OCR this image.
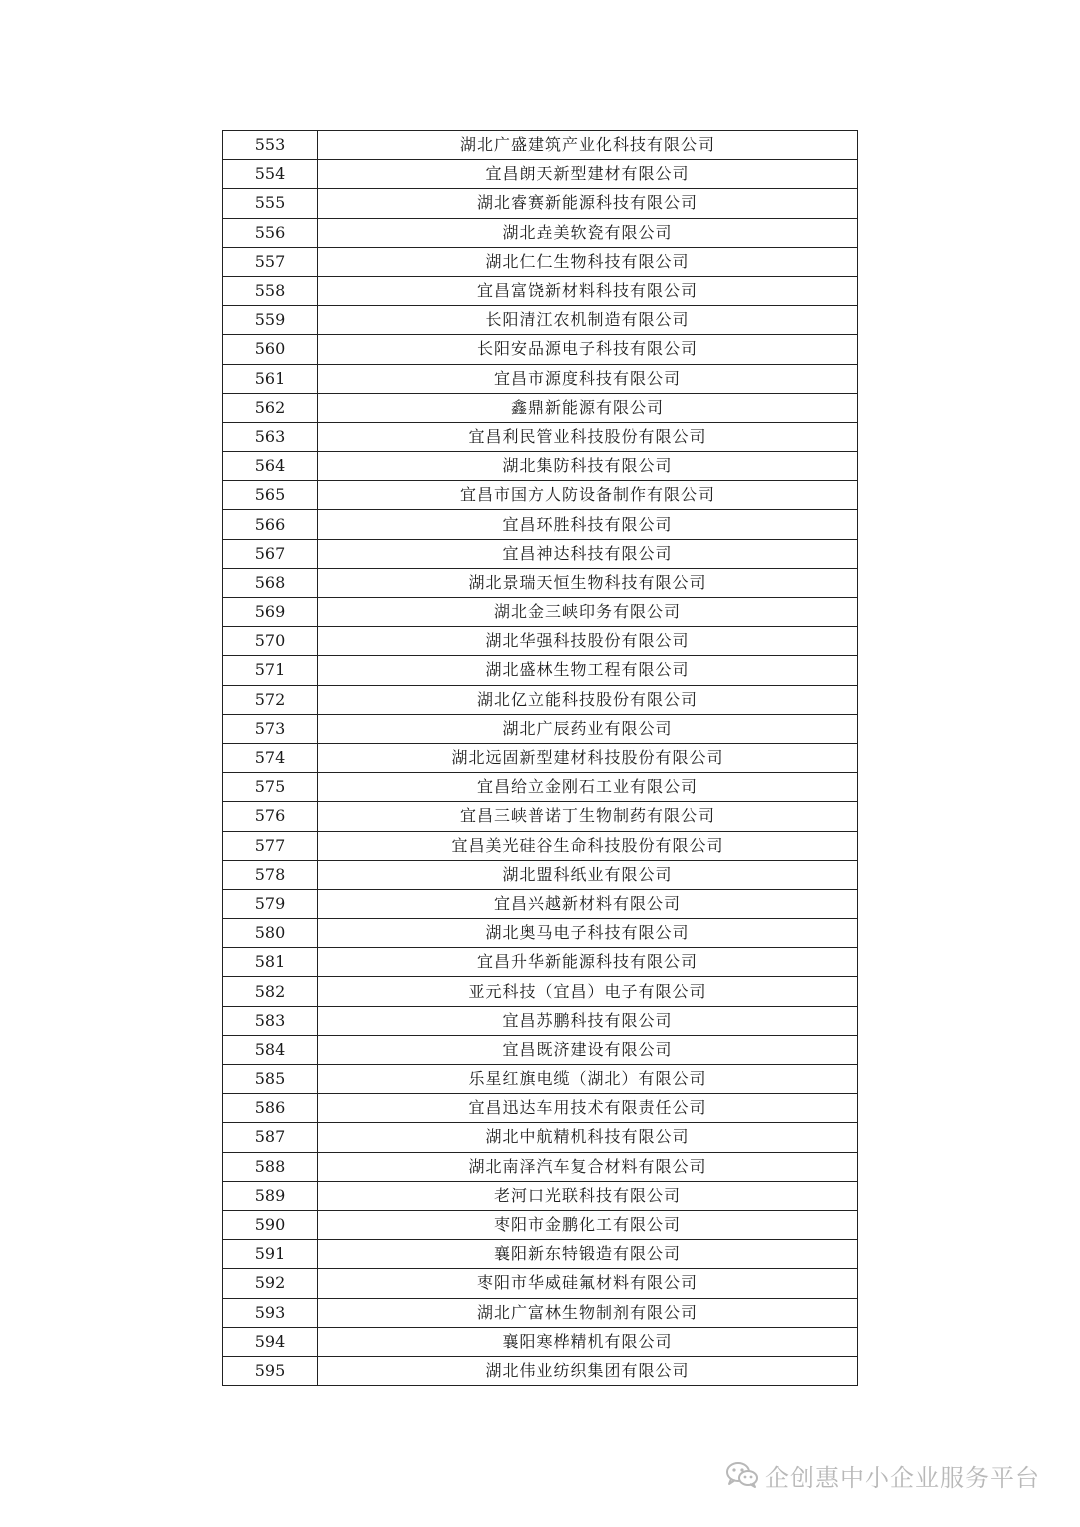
553	湖北广盛建筑产业化科技有限公司
554	宜昌朗天新型建材有限公司
555	湖北睿赛新能源科技有限公司
556	湖北垚美软瓷有限公司
557	湖北仁仁生物科技有限公司
558	宜昌富饶新材料科技有限公司
559	长阳清江农机制造有限公司
560	长阳安品源电子科技有限公司
561	宜昌市源度科技有限公司
562	鑫鼎新能源有限公司
563	宜昌利民管业科技股份有限公司
564	湖北集防科技有限公司
565	宜昌市国方人防设备制作有限公司
566	宜昌环胜科技有限公司
567	宜昌神达科技有限公司
568	湖北景瑞天恒生物科技有限公司
569	湖北金三峡印务有限公司
570	湖北华强科技股份有限公司
571	湖北盛林生物工程有限公司
572	湖北亿立能科技股份有限公司
573	湖北广辰药业有限公司
574	湖北远固新型建材科技股份有限公司
575	宜昌给立金刚石工业有限公司
576	宜昌三峡普诺丁生物制药有限公司
577	宜昌美光硅谷生命科技股份有限公司
578	湖北盟科纸业有限公司
579	宜昌兴越新材料有限公司
580	湖北奥马电子科技有限公司
581	宜昌升华新能源科技有限公司
582	亚元科技（宜昌）电子有限公司
583	宜昌苏鹏科技有限公司
584	宜昌既济建设有限公司
585	乐星红旗电缆（湖北）有限公司
586	宜昌迅达车用技术有限责任公司
587	湖北中航精机科技有限公司
588	湖北南泽汽车复合材料有限公司
589	老河口光联科技有限公司
590	枣阳市金鹏化工有限公司
591	襄阳新东特锻造有限公司
592	枣阳市华威硅氟材料有限公司
593	湖北广富林生物制剂有限公司
594	襄阳寒桦精机有限公司
595	湖北伟业纺织集团有限公司
企创惠中小企业服务平台
